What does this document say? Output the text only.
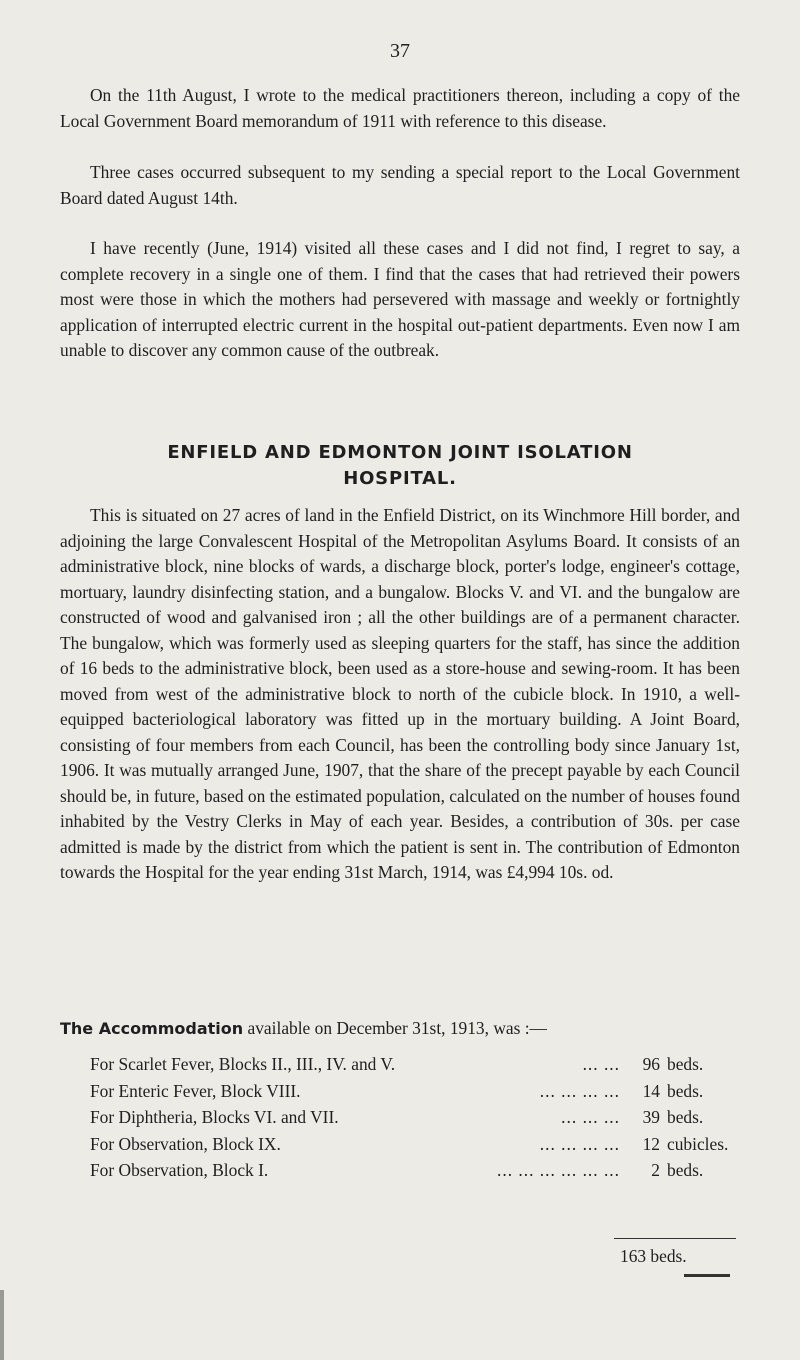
37

On the 11th August, I wrote to the medical practitioners thereon, including a copy of the Local Government Board memorandum of 1911 with reference to this disease.

Three cases occurred subsequent to my sending a special report to the Local Government Board dated August 14th.

I have recently (June, 1914) visited all these cases and I did not find, I regret to say, a complete recovery in a single one of them. I find that the cases that had retrieved their powers most were those in which the mothers had persevered with massage and weekly or fortnightly application of interrupted electric current in the hospital out-patient departments. Even now I am unable to discover any common cause of the outbreak.

ENFIELD AND EDMONTON JOINT ISOLATION
HOSPITAL.

This is situated on 27 acres of land in the Enfield District, on its Winchmore Hill border, and adjoining the large Convalescent Hospital of the Metropolitan Asylums Board. It consists of an administrative block, nine blocks of wards, a discharge block, porter's lodge, engineer's cottage, mortuary, laundry disinfecting station, and a bungalow. Blocks V. and VI. and the bungalow are constructed of wood and galvanised iron ; all the other buildings are of a permanent character. The bungalow, which was formerly used as sleeping quarters for the staff, has since the addition of 16 beds to the administrative block, been used as a store-house and sewing-room. It has been moved from west of the administrative block to north of the cubicle block. In 1910, a well-equipped bacteriological laboratory was fitted up in the mortuary building. A Joint Board, consisting of four members from each Council, has been the controlling body since January 1st, 1906. It was mutually arranged June, 1907, that the share of the precept payable by each Council should be, in future, based on the estimated population, calculated on the number of houses found inhabited by the Vestry Clerks in May of each year. Besides, a contribution of 30s. per case admitted is made by the district from which the patient is sent in. The contribution of Edmonton towards the Hospital for the year ending 31st March, 1914, was £4,994 10s. od.

The Accommodation available on December 31st, 1913, was :—
For Scarlet Fever, Blocks II., III., IV. and V.	... ...	96 beds.
For Enteric Fever, Block VIII.	... ... ... ...	14 beds.
For Diphtheria, Blocks VI. and VII.	... ... ...	39 beds.
For Observation, Block IX.	... ... ... ...	12 cubicles.
For Observation, Block I.	... ... ... ... ... ...	2 beds.
163 beds.
